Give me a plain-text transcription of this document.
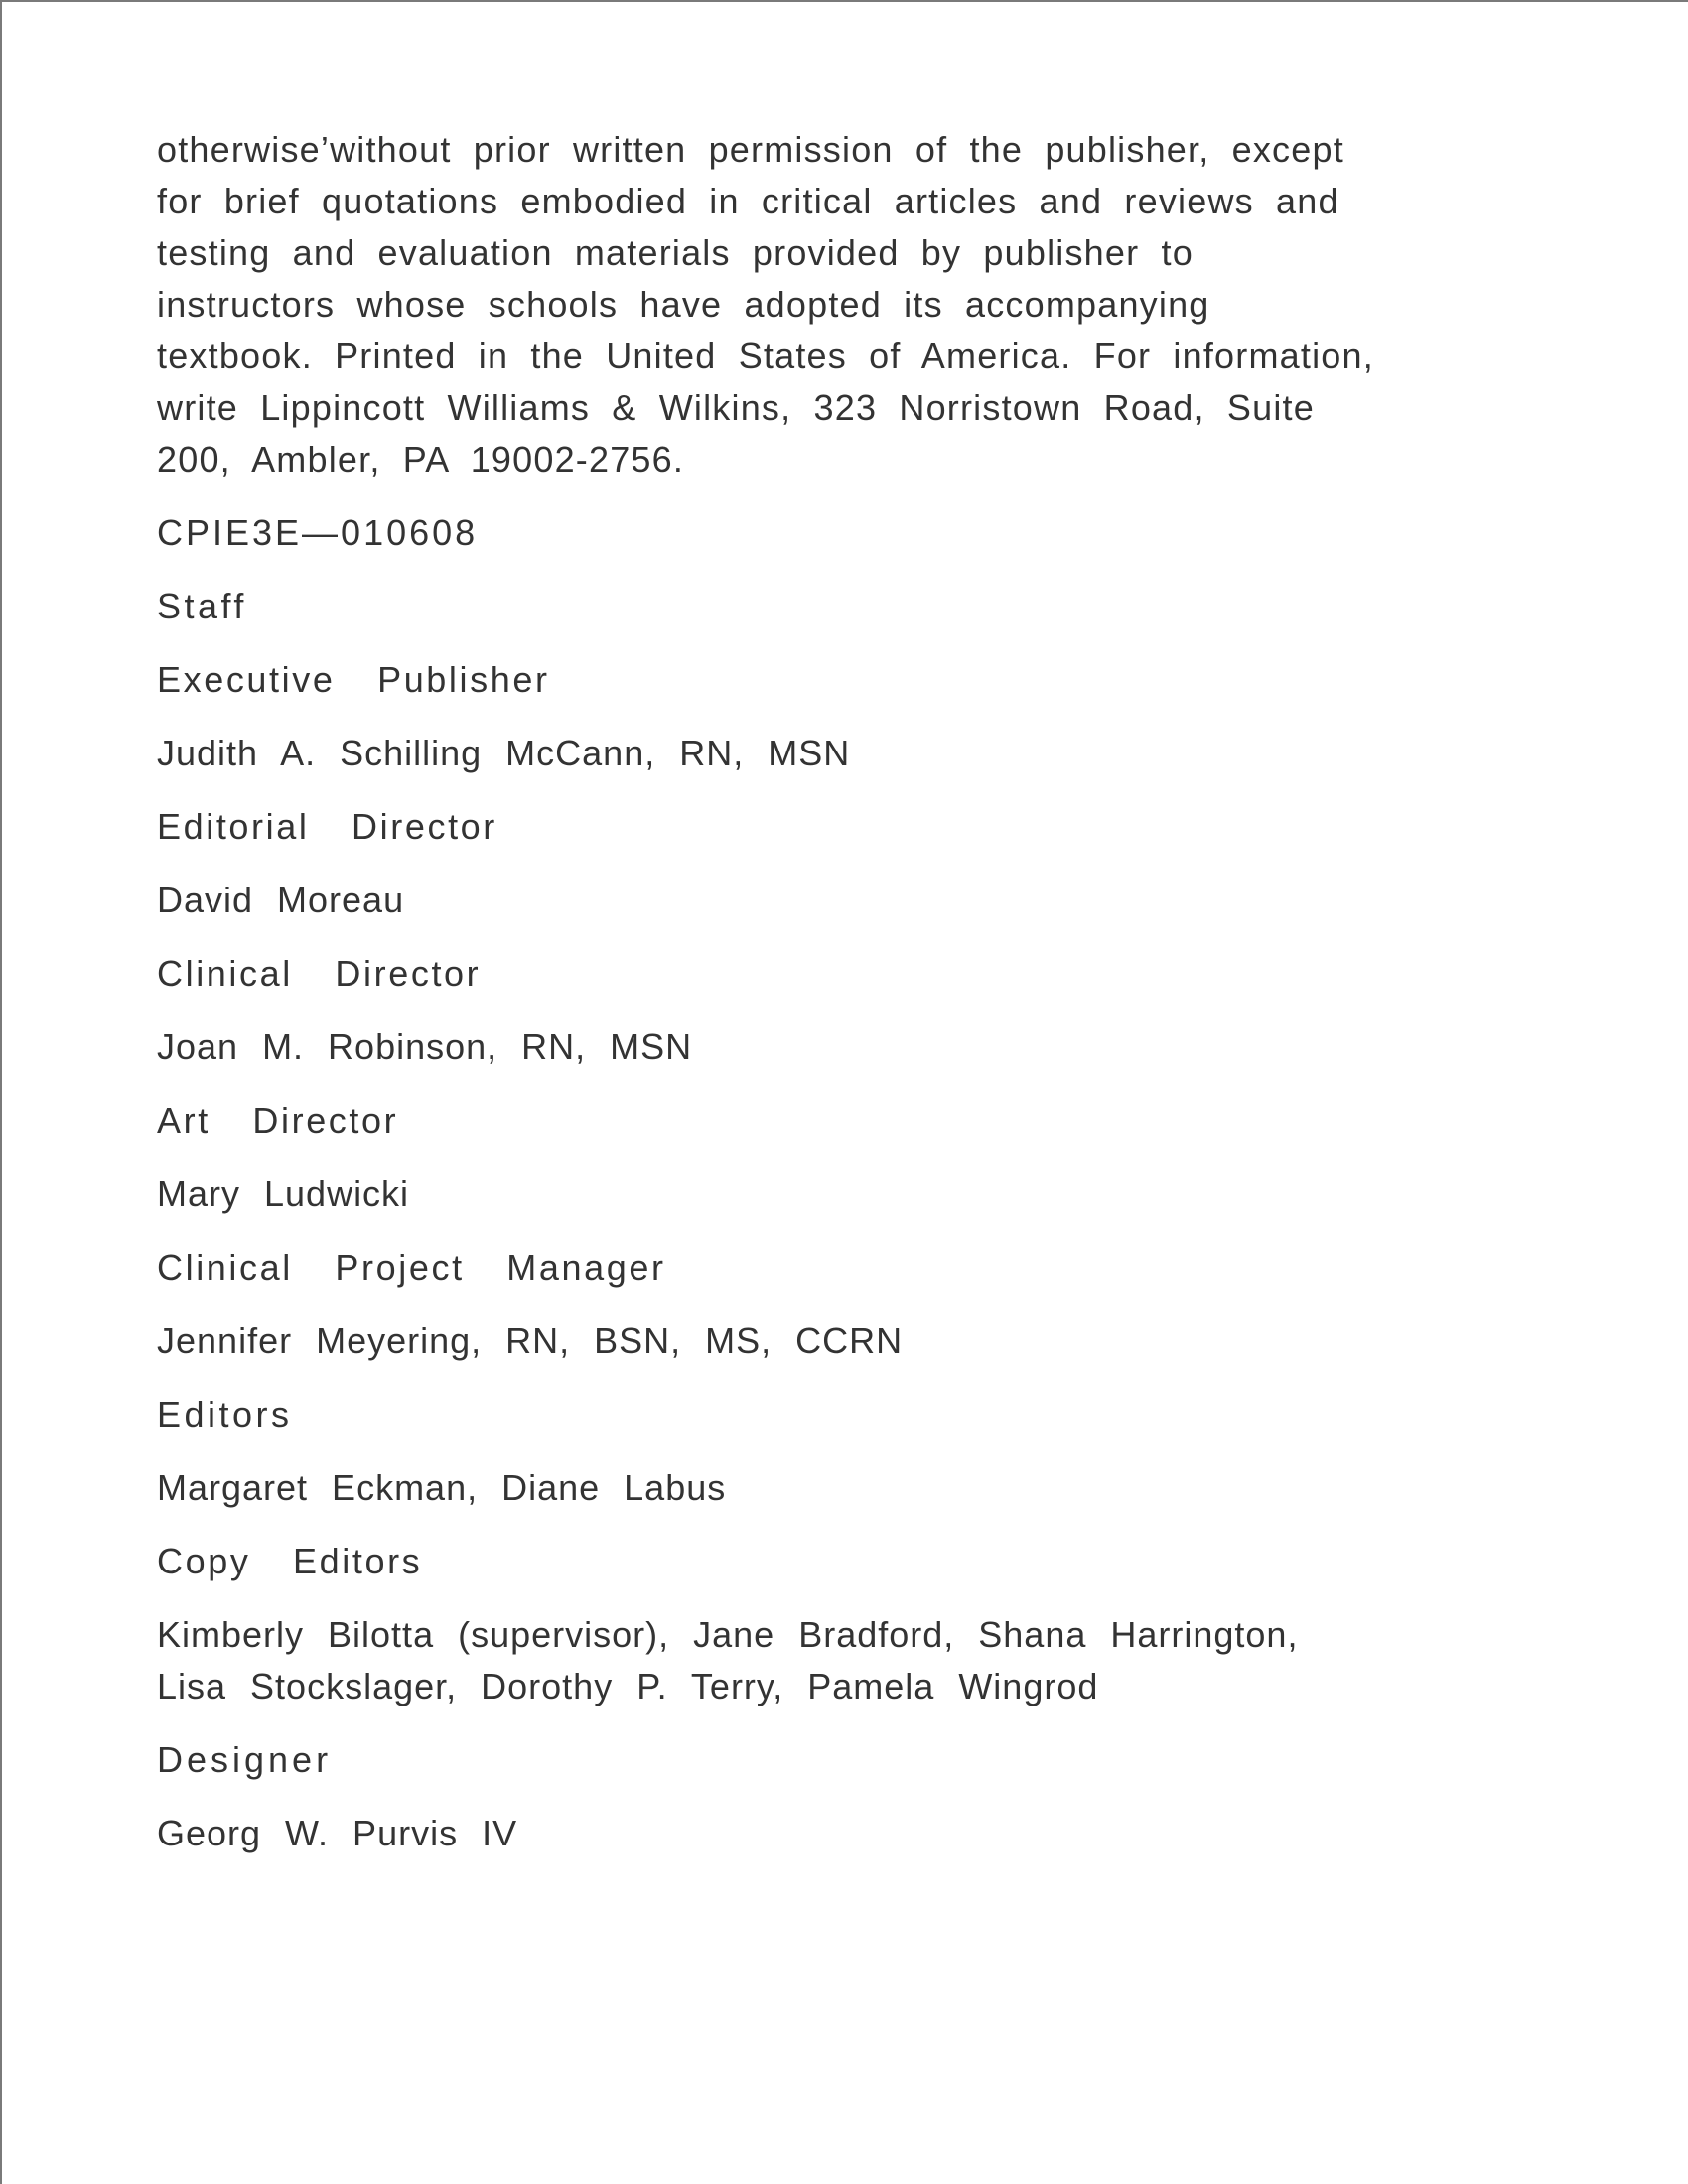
otherwise’without prior written permission of the publisher, except
for brief quotations embodied in critical articles and reviews and
testing and evaluation materials provided by publisher to
instructors whose schools have adopted its accompanying
textbook. Printed in the United States of America. For information,
write Lippincott Williams & Wilkins, 323 Norristown Road, Suite
200, Ambler, PA 19002-2756.
CPIE3E—010608
Staff
Executive Publisher
Judith A. Schilling McCann, RN, MSN
Editorial Director
David Moreau
Clinical Director
Joan M. Robinson, RN, MSN
Art Director
Mary Ludwicki
Clinical Project Manager
Jennifer Meyering, RN, BSN, MS, CCRN
Editors
Margaret Eckman, Diane Labus
Copy Editors
Kimberly Bilotta (supervisor), Jane Bradford, Shana Harrington,
Lisa Stockslager, Dorothy P. Terry, Pamela Wingrod
Designer
Georg W. Purvis IV
